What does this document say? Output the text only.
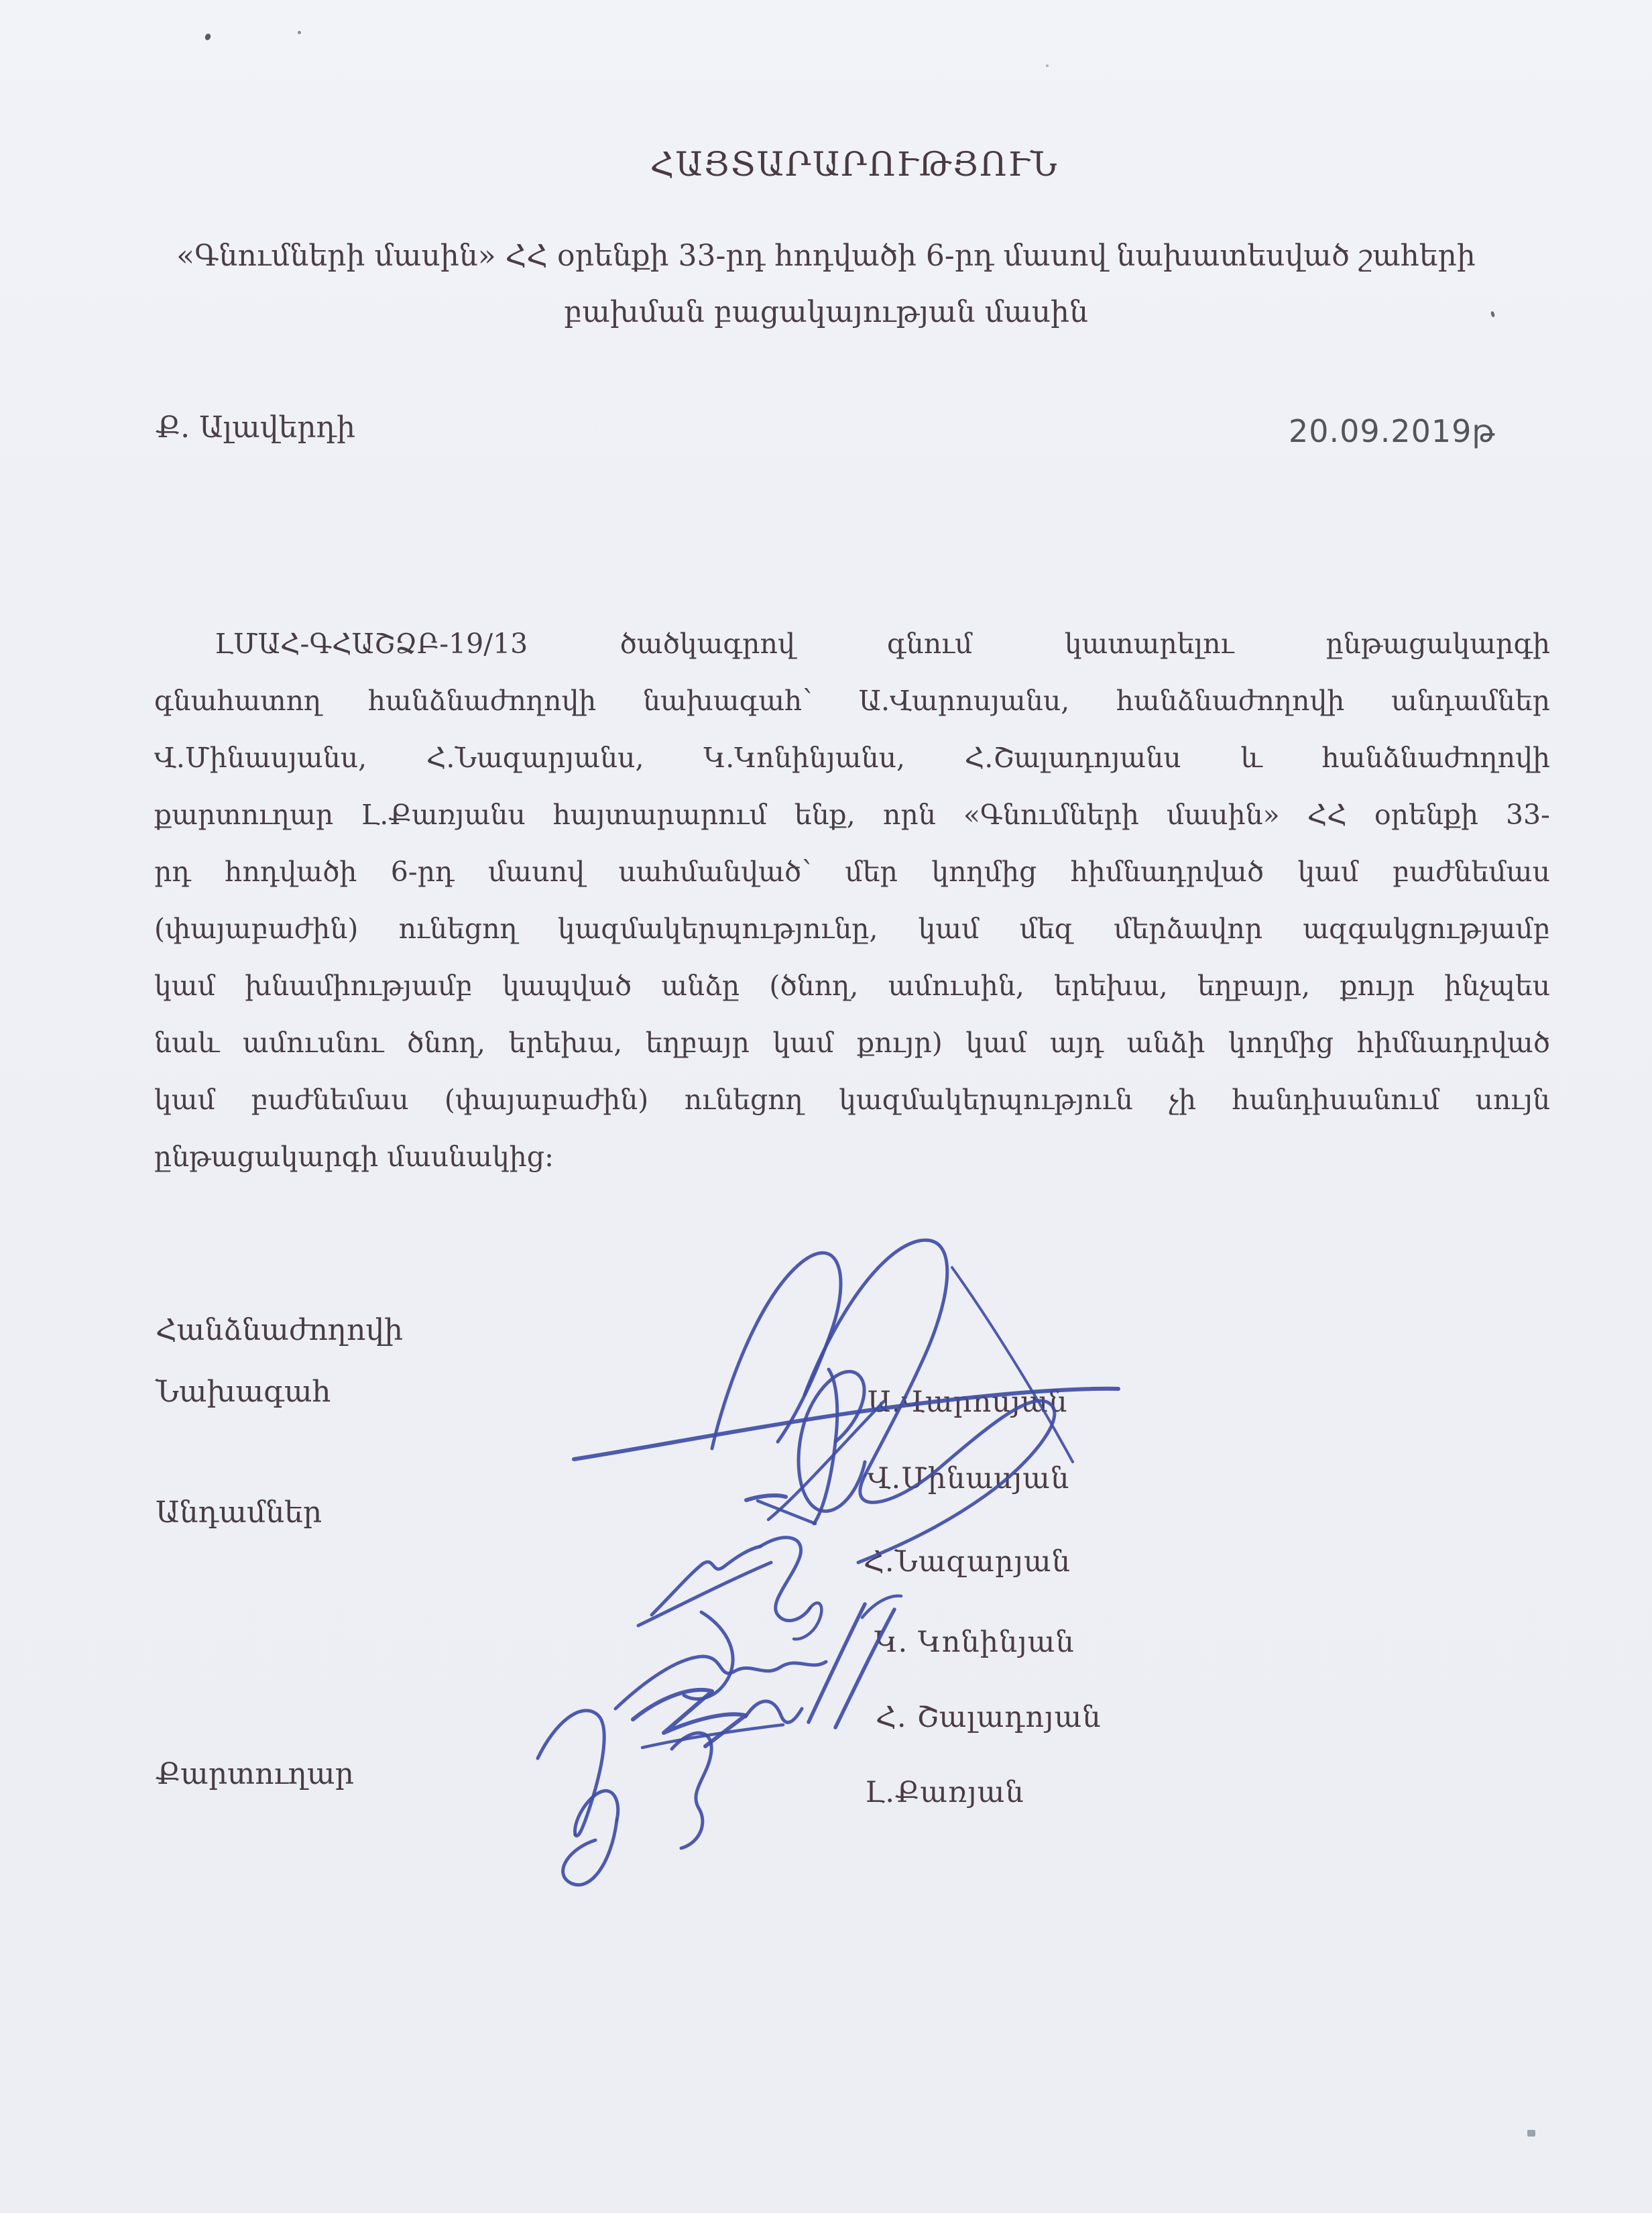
ՀԱՅՏԱՐԱՐՈՒԹՅՈՒՆ
«Գնումների մասին» ՀՀ օրենքի 33-րդ հոդվածի 6-րդ մասով նախատեսված շահերի
բախման բացակայության մասին
Ք. Ալավերդի	20.09.2019թ
ԼՄԱՀ-ԳՀԱՇՁԲ-19/13 ծածկագրով գնում կատարելու ընթացակարգի
գնահատող հանձնաժողովի նախագահ՝ Ա.Վարոսյանս, հանձնաժողովի անդամներ
Վ.Մինասյանս, Հ.Նազարյանս, Կ.Կոնինյանս, Հ.Շալադոյանս և հանձնաժողովի
քարտուղար Լ.Քառյանս հայտարարում ենք, որն «Գնումների մասին» ՀՀ օրենքի 33-
րդ հոդվածի 6-րդ մասով սահմանված՝ մեր կողմից հիմնադրված կամ բաժնեմաս
(փայաբաժին) ունեցող կազմակերպությունը, կամ մեզ մերձավոր ազգակցությամբ
կամ խնամիությամբ կապված անձը (ծնող, ամուսին, երեխա, եղբայր, քույր ինչպես
նաև ամուսնու ծնող, երեխա, եղբայր կամ քույր) կամ այդ անձի կողմից հիմնադրված
կամ բաժնեմաս (փայաբաժին) ունեցող կազմակերպություն չի հանդիսանում սույն
ընթացակարգի մասնակից:
Հանձնաժողովի
Նախագահ
Անդամներ
Քարտուղար
Ա.Վարոսյան
Վ.Մինասյան
Հ.Նազարյան
Կ. Կոնինյան
Հ. Շալադոյան
Լ.Քառյան
